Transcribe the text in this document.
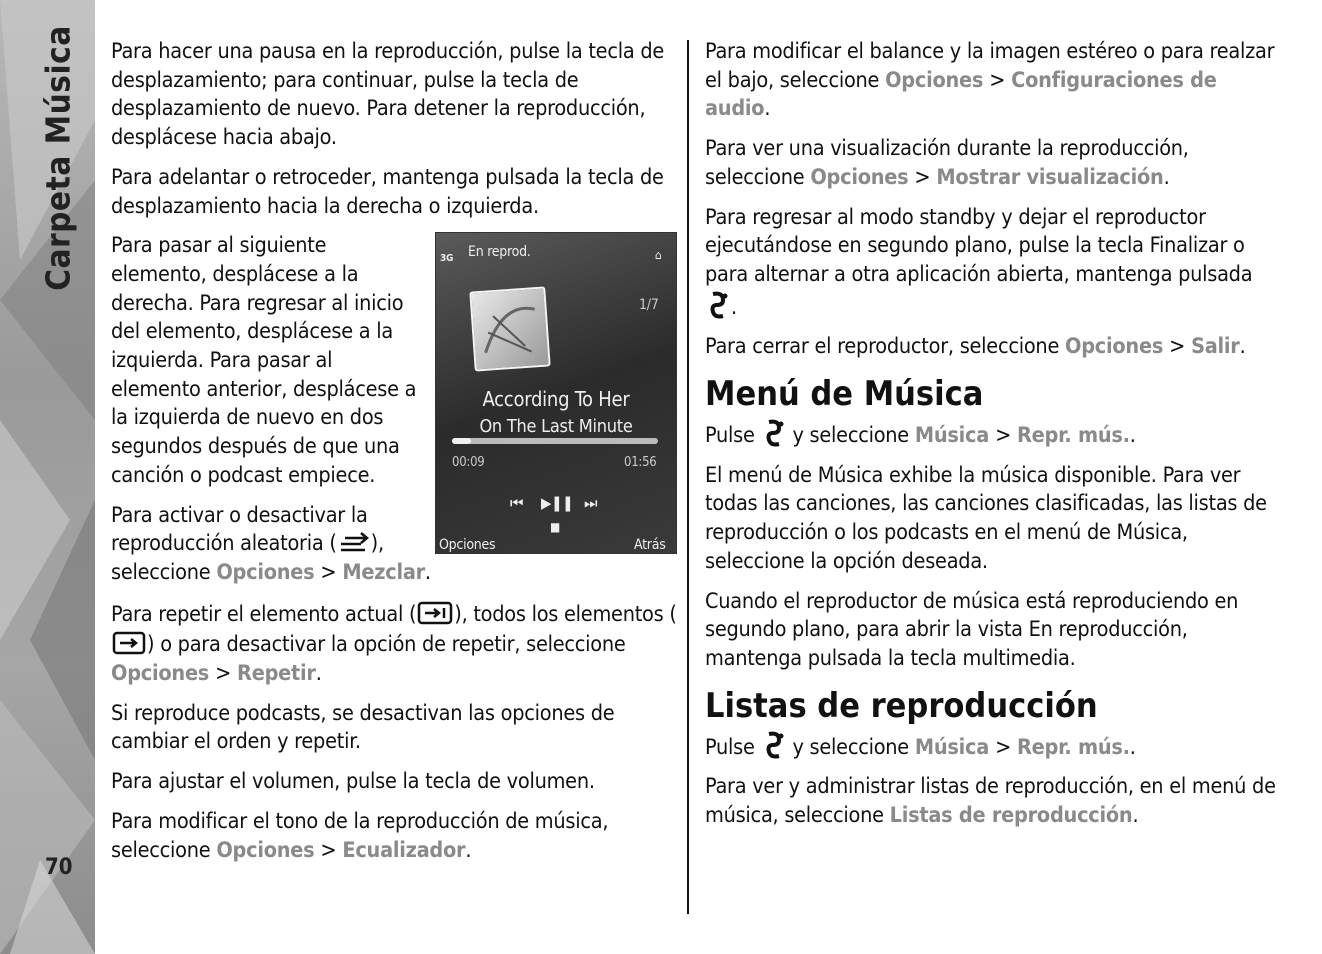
Carpeta Música
70

Para hacer una pausa en la reproducción, pulse la tecla de desplazamiento; para continuar, pulse la tecla de desplazamiento de nuevo. Para detener la reproducción, desplácese hacia abajo.

Para adelantar o retroceder, mantenga pulsada la tecla de desplazamiento hacia la derecha o izquierda.

3G En reprod.	⌂
1/7
According To Her
On The Last Minute
00:09	01:56
⏮ ▶❚❚ ⏭
■
Opciones	Atrás

Para pasar al siguiente elemento, desplácese a la derecha. Para regresar al inicio del elemento, desplácese a la izquierda. Para pasar al elemento anterior, desplácese a la izquierda de nuevo en dos segundos después de que una canción o podcast empiece.

Para activar o desactivar la reproducción aleatoria ( ), seleccione Opciones > Mezclar.

Para repetir el elemento actual ( ), todos los elementos () o para desactivar la opción de repetir, seleccione Opciones > Repetir.

Si reproduce podcasts, se desactivan las opciones de cambiar el orden y repetir.

Para ajustar el volumen, pulse la tecla de volumen.

Para modificar el tono de la reproducción de música, seleccione Opciones > Ecualizador.

Para modificar el balance y la imagen estéreo o para realzar el bajo, seleccione Opciones > Configuraciones de audio.

Para ver una visualización durante la reproducción, seleccione Opciones > Mostrar visualización.

Para regresar al modo standby y dejar el reproductor ejecutándose en segundo plano, pulse la tecla Finalizar o para alternar a otra aplicación abierta, mantenga pulsada .

Para cerrar el reproductor, seleccione Opciones > Salir.

Menú de Música

Pulse y seleccione Música > Repr. mús..

El menú de Música exhibe la música disponible. Para ver todas las canciones, las canciones clasificadas, las listas de reproducción o los podcasts en el menú de Música, seleccione la opción deseada.

Cuando el reproductor de música está reproduciendo en segundo plano, para abrir la vista En reproducción, mantenga pulsada la tecla multimedia.

Listas de reproducción

Pulse y seleccione Música > Repr. mús..

Para ver y administrar listas de reproducción, en el menú de música, seleccione Listas de reproducción.
